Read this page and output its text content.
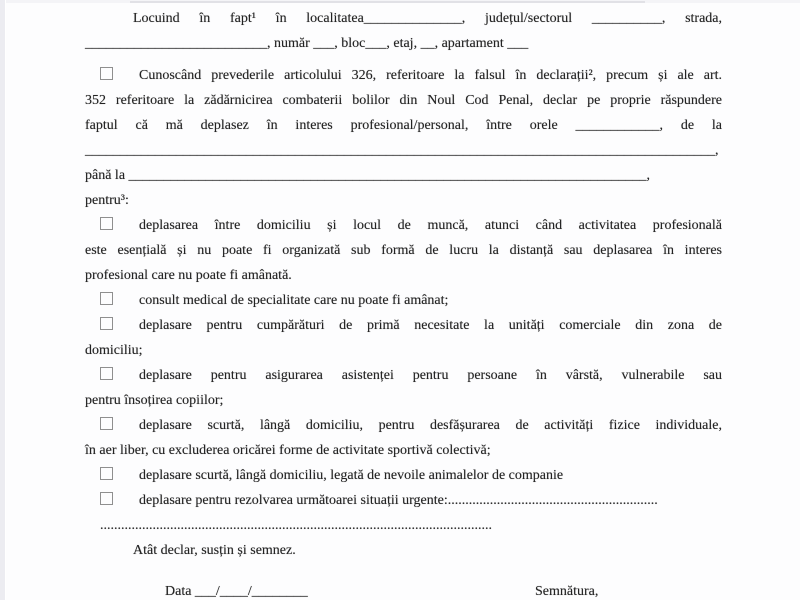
Locuind în fapt¹ în localitatea______________, județul/sectorul __________, strada,
__________________________, număr ___, bloc___, etaj, __, apartament ___
Cunoscând prevederile articolului 326, referitoare la falsul în declarații², precum și ale art.
352 referitoare la zădărnicirea combaterii bolilor din Noul Cod Penal, declar pe proprie răspundere
faptul că mă deplasez în interes profesional/personal, între orele ____________, de la
__________________________________________________________________________________________,
până la __________________________________________________________________________,
pentru³:
deplasarea între domiciliu și locul de muncă, atunci când activitatea profesională
este esențială și nu poate fi organizată sub formă de lucru la distanță sau deplasarea în interes
profesional care nu poate fi amânată.
consult medical de specialitate care nu poate fi amânat;
deplasare pentru cumpărături de primă necesitate la unități comerciale din zona de
domiciliu;
deplasare pentru asigurarea asistenței pentru persoane în vârstă, vulnerabile sau
pentru însoțirea copiilor;
deplasare scurtă, lângă domiciliu, pentru desfășurarea de activități fizice individuale,
în aer liber, cu excluderea oricărei forme de activitate sportivă colectivă;
deplasare scurtă, lângă domiciliu, legată de nevoile animalelor de companie
deplasare pentru rezolvarea următoarei situații urgente:............................................................
................................................................................................................
Atât declar, susțin și semnez.
Data ___/____/________	Semnătura,
